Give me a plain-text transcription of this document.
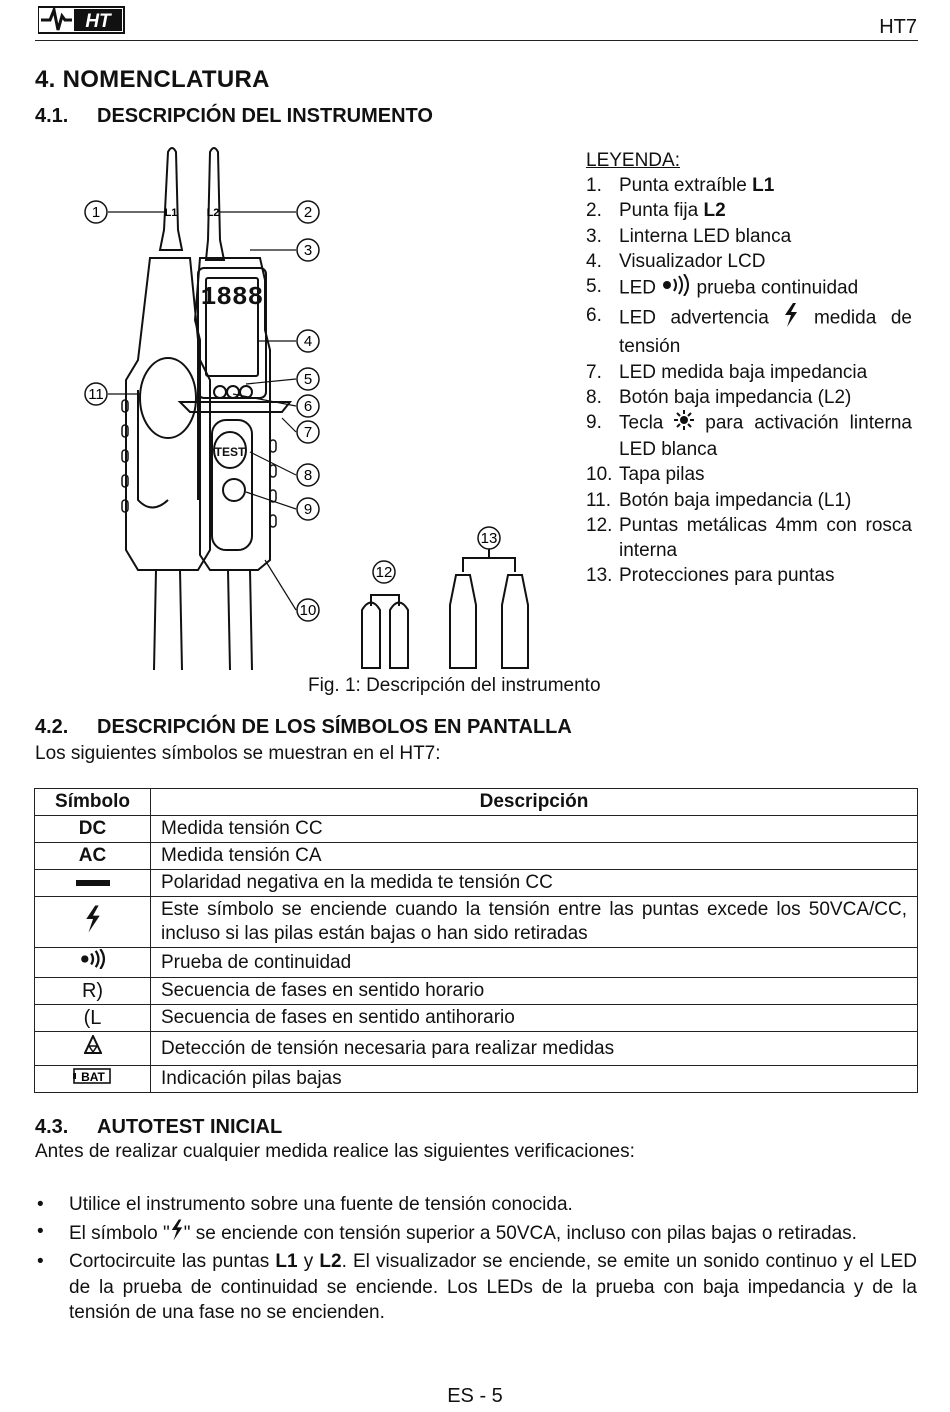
HT	HT7
4. NOMENCLATURA
4.1. DESCRIPCIÓN DEL INSTRUMENTO
1888
TEST
L1	L2
1	2
3
4
5
6
7
8
9
10
11
12
13
LEYENDA:
1. Punta extraíble L1
2. Punta fija L2
3. Linterna LED blanca
4. Visualizador LCD
5. LED  prueba continuidad
6. LED advertencia  medida de tensión
7. LED medida baja impedancia
8. Botón baja impedancia (L2)
9. Tecla  para activación linterna LED blanca
10. Tapa pilas
11. Botón baja impedancia (L1)
12. Puntas metálicas 4mm con rosca interna
13. Protecciones para puntas
Fig. 1: Descripción del instrumento
4.2. DESCRIPCIÓN DE LOS SÍMBOLOS EN PANTALLA
Los siguientes símbolos se muestran en el HT7:
Símbolo	Descripción
DC	Medida tensión CC
AC	Medida tensión CA
	Polaridad negativa en la medida te tensión CC
	Este símbolo se enciende cuando la tensión entre las puntas excede los 50VCA/CC, incluso si las pilas están bajas o han sido retiradas
	Prueba de continuidad
R)	Secuencia de fases en sentido horario
(L	Secuencia de fases en sentido antihorario
	Detección de tensión necesaria para realizar medidas

BAT	Indicación pilas bajas
4.3. AUTOTEST INICIAL
Antes de realizar cualquier medida realice las siguientes verificaciones:
•	Utilice el instrumento sobre una fuente de tensión conocida.
•	El símbolo " " se enciende con tensión superior a 50VCA, incluso con pilas bajas o retiradas.
•	Cortocircuite las puntas L1 y L2. El visualizador se enciende, se emite un sonido continuo y el LED de la prueba de continuidad se enciende. Los LEDs de la prueba con baja impedancia y de la tensión de una fase no se encienden.
ES - 5
